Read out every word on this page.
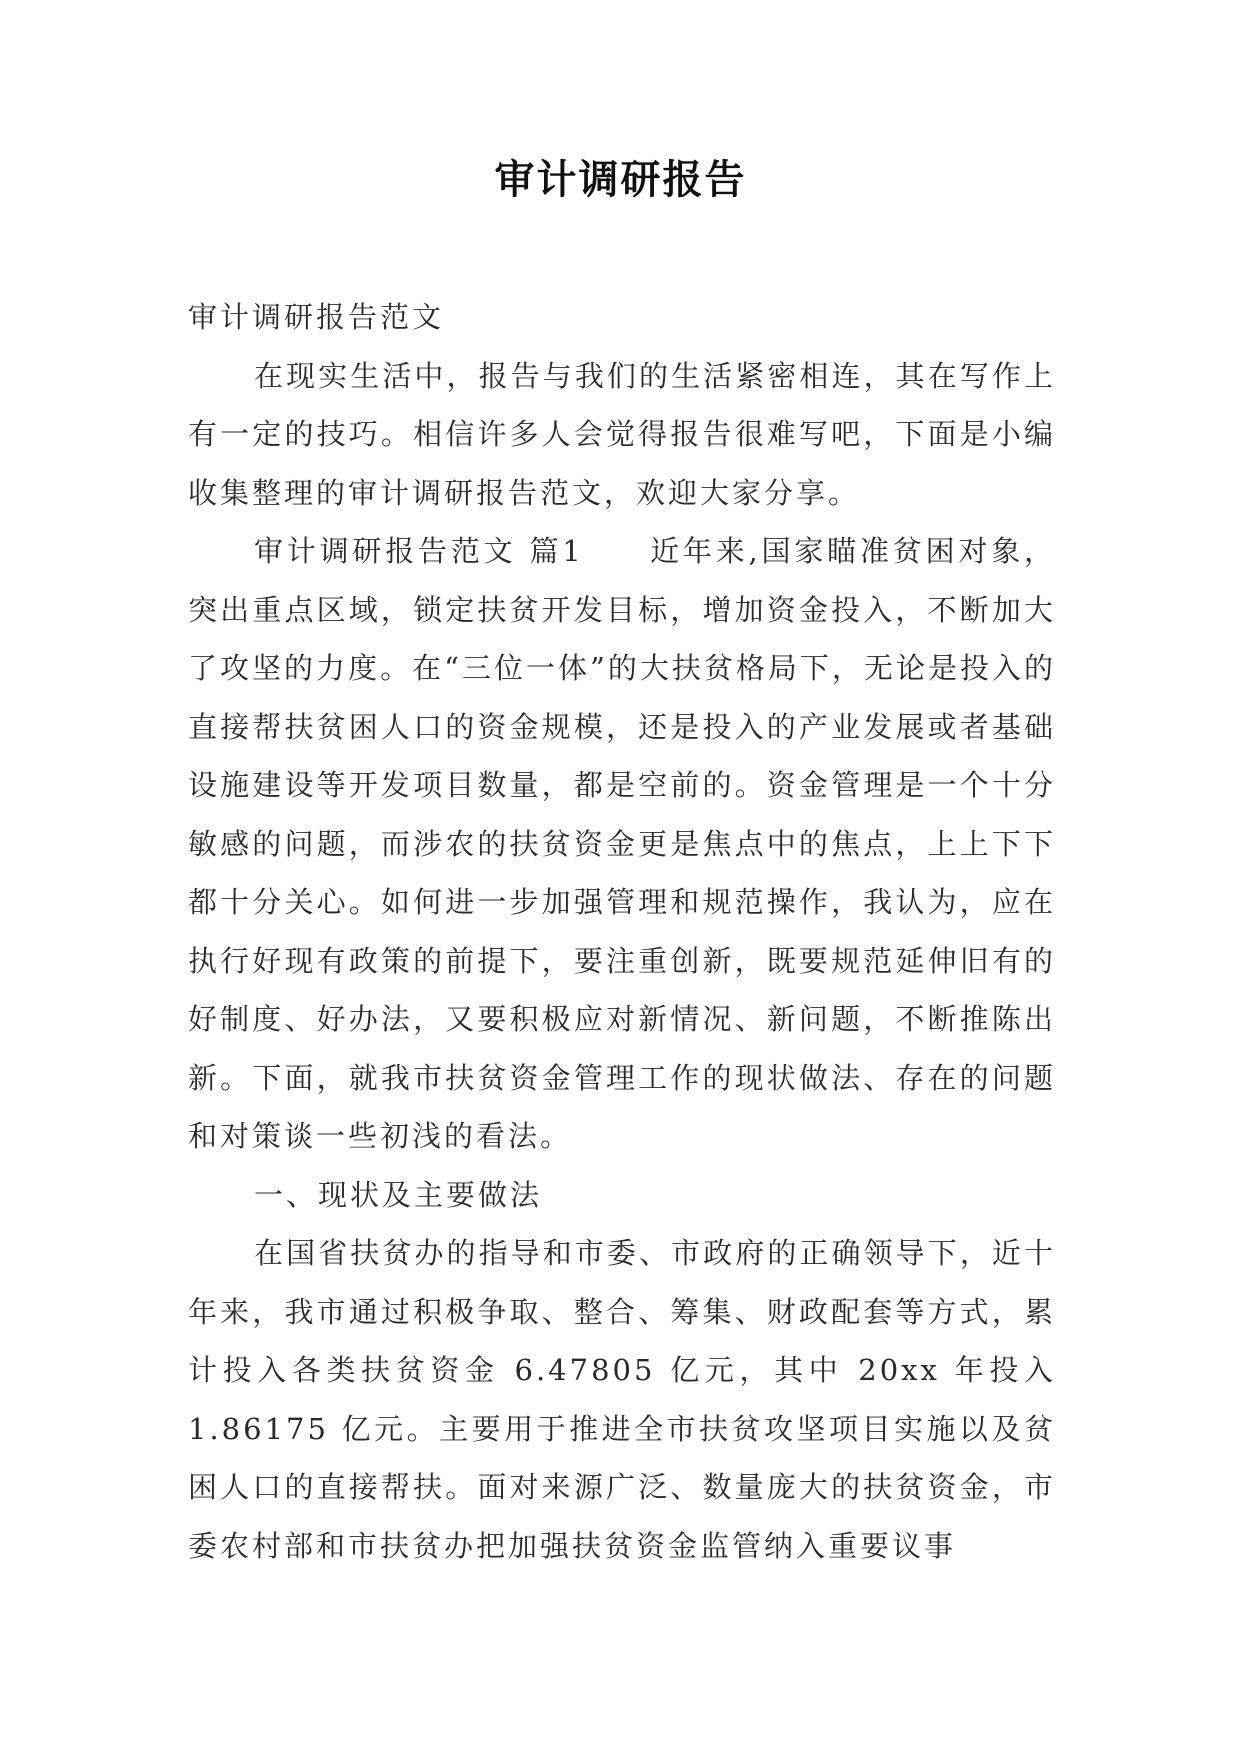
审计调研报告

审计调研报告范文

在现实生活中，报告与我们的生活紧密相连，其在写作上有一定的技巧。相信许多人会觉得报告很难写吧，下面是小编收集整理的审计调研报告范文，欢迎大家分享。

审计调研报告范文 篇1　　近年来,国家瞄准贫困对象，突出重点区域，锁定扶贫开发目标，增加资金投入，不断加大了攻坚的力度。在“三位一体”的大扶贫格局下，无论是投入的直接帮扶贫困人口的资金规模，还是投入的产业发展或者基础设施建设等开发项目数量，都是空前的。资金管理是一个十分敏感的问题，而涉农的扶贫资金更是焦点中的焦点，上上下下都十分关心。如何进一步加强管理和规范操作，我认为，应在执行好现有政策的前提下，要注重创新，既要规范延伸旧有的好制度、好办法，又要积极应对新情况、新问题，不断推陈出新。下面，就我市扶贫资金管理工作的现状做法、存在的问题和对策谈一些初浅的看法。

一、现状及主要做法

在国省扶贫办的指导和市委、市政府的正确领导下，近十年来，我市通过积极争取、整合、筹集、财政配套等方式，累计投入各类扶贫资金 6.47805 亿元，其中 20xx 年投入1.86175 亿元。主要用于推进全市扶贫攻坚项目实施以及贫困人口的直接帮扶。面对来源广泛、数量庞大的扶贫资金，市委农村部和市扶贫办把加强扶贫资金监管纳入重要议事
